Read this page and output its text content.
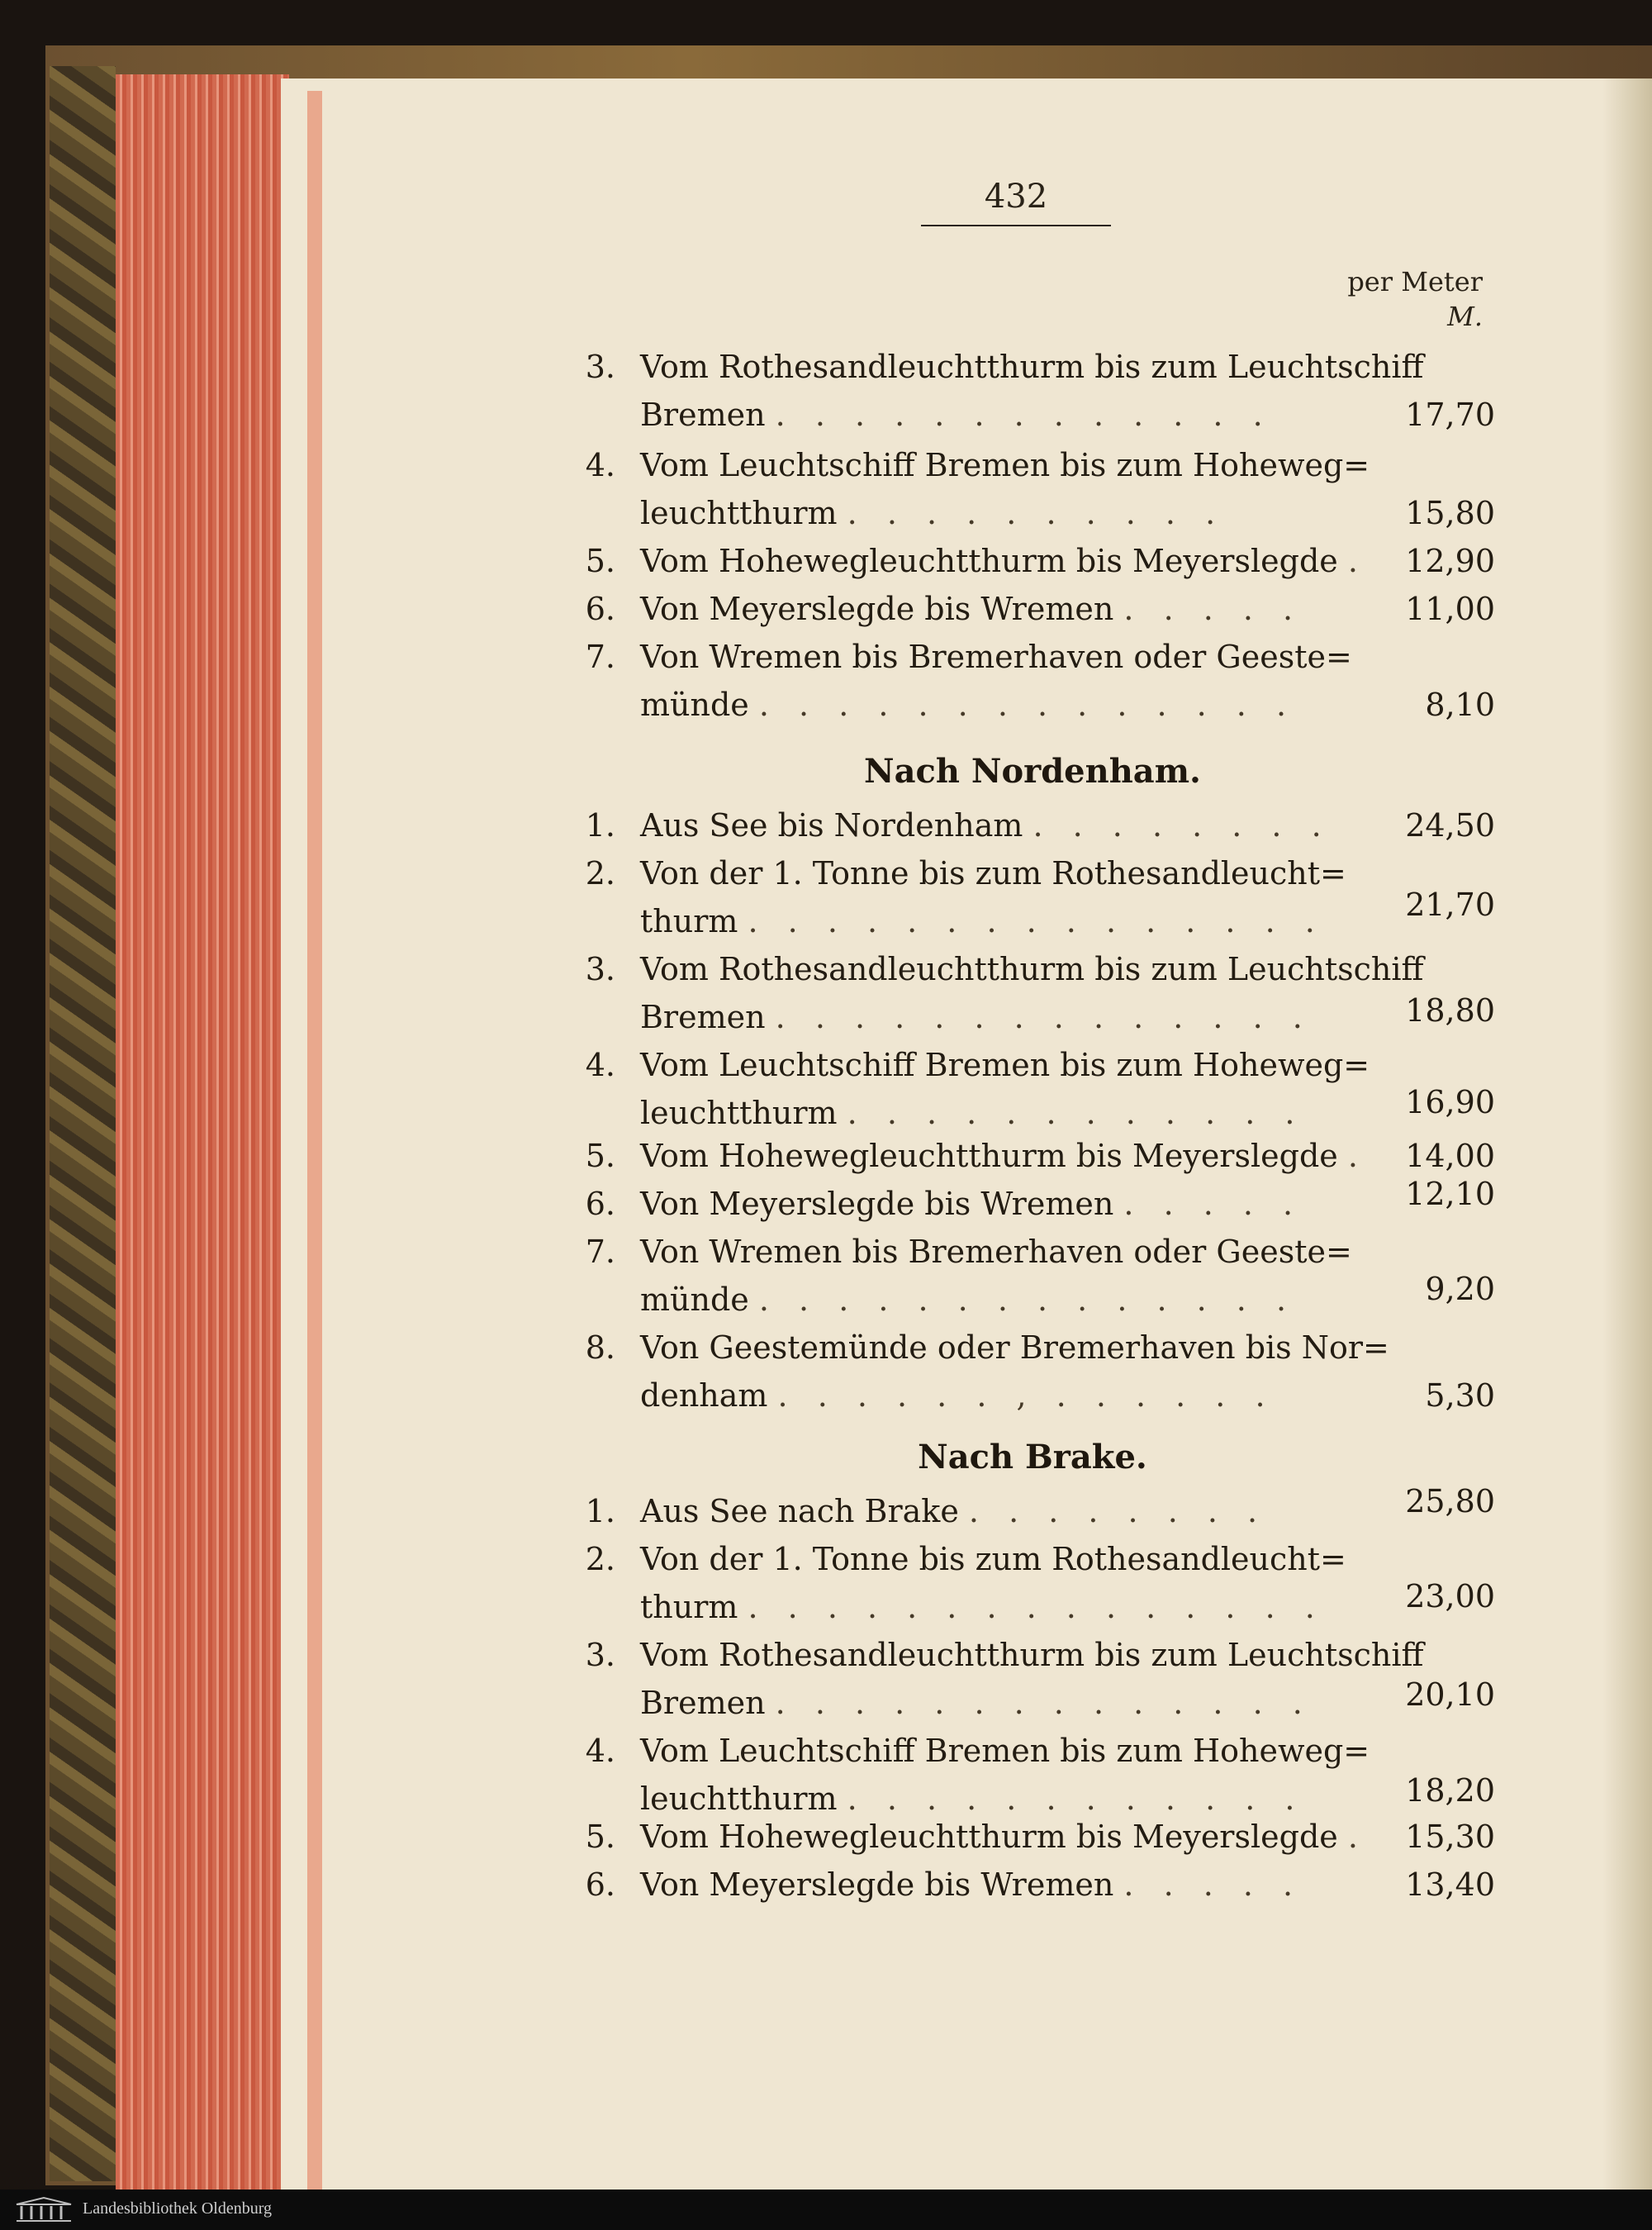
432
per Meter
M.
3. Vom Rothesandleuchtthurm bis zum Leuchtschiff
Bremen . . . . . . . . . . . . .	17,70
4. Vom Leuchtschiff Bremen bis zum Hoheweg=
leuchtthurm . . . . . . . . . .	15,80
5. Vom Hohewegleuchtthurm bis Meyerslegde . 12,90
6. Von Meyerslegde bis Wremen . . . . .	11,00
7. Von Wremen bis Bremerhaven oder Geeste=
münde . . . . . . . . . . . . . .	8,10
Nach Nordenham.
1. Aus See bis Nordenham . . . . . . . . 24,50
2. Von der 1. Tonne bis zum Rothesandleucht=
thurm . . . . . . . . . . . . . . .	21,70
3. Vom Rothesandleuchtthurm bis zum Leuchtschiff
Bremen . . . . . . . . . . . . . .	18,80
4. Vom Leuchtschiff Bremen bis zum Hoheweg=
leuchtthurm . . . . . . . . . . . .	16,90
5. Vom Hohewegleuchtthurm bis Meyerslegde . 14,00
6. Von Meyerslegde bis Wremen . . . . .	12,10
7. Von Wremen bis Bremerhaven oder Geeste=
münde . . . . . . . . . . . . . .	9,20
8. Von Geestemünde oder Bremerhaven bis Nor=
denham . . . . . . , . . . . . .	5,30
Nach Brake.
1. Aus See nach Brake . . . . . . . .	25,80
2. Von der 1. Tonne bis zum Rothesandleucht=
thurm . . . . . . . . . . . . . . .	23,00
3. Vom Rothesandleuchtthurm bis zum Leuchtschiff
Bremen . . . . . . . . . . . . . .	20,10
4. Vom Leuchtschiff Bremen bis zum Hoheweg=
leuchtthurm . . . . . . . . . . . .	18,20
5. Vom Hohewegleuchtthurm bis Meyerslegde . 15,30
6. Von Meyerslegde bis Wremen . . . . .	13,40
Landesbibliothek Oldenburg
